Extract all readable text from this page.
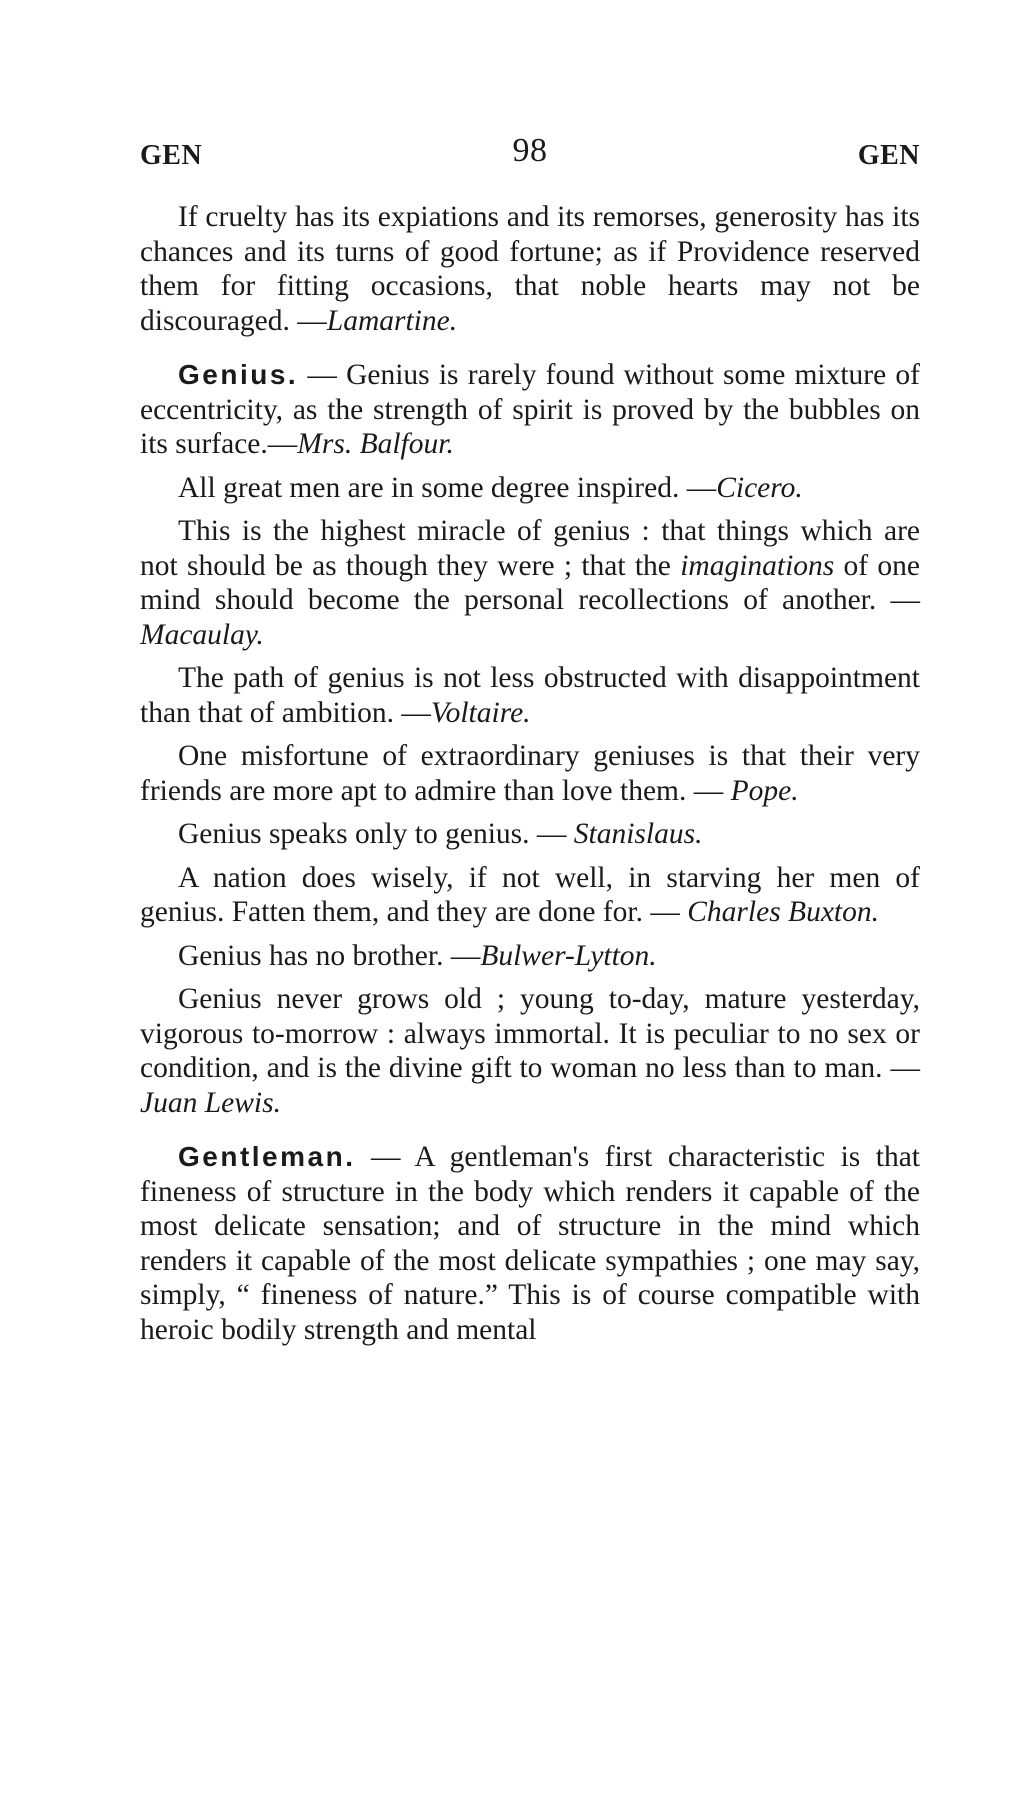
GEN	98	GEN

If cruelty has its expiations and its remorses, generosity has its chances and its turns of good fortune; as if Providence reserved them for fitting occasions, that noble hearts may not be discouraged. —Lamartine.

Genius. — Genius is rarely found without some mixture of eccentricity, as the strength of spirit is proved by the bubbles on its surface.—Mrs. Balfour.

All great men are in some degree inspired. —Cicero.

This is the highest miracle of genius : that things which are not should be as though they were ; that the imaginations of one mind should become the personal recollections of another. — Macaulay.

The path of genius is not less obstructed with disappointment than that of ambition. —Voltaire.

One misfortune of extraordinary geniuses is that their very friends are more apt to admire than love them. — Pope.

Genius speaks only to genius. — Stanislaus.

A nation does wisely, if not well, in starving her men of genius. Fatten them, and they are done for. — Charles Buxton.

Genius has no brother. —Bulwer-Lytton.

Genius never grows old ; young to-day, mature yesterday, vigorous to-morrow : always immortal. It is peculiar to no sex or condition, and is the divine gift to woman no less than to man. —Juan Lewis.

Gentleman. — A gentleman's first characteristic is that fineness of structure in the body which renders it capable of the most delicate sensation; and of structure in the mind which renders it capable of the most delicate sympathies ; one may say, simply, “ fineness of nature.” This is of course compatible with heroic bodily strength and mental
